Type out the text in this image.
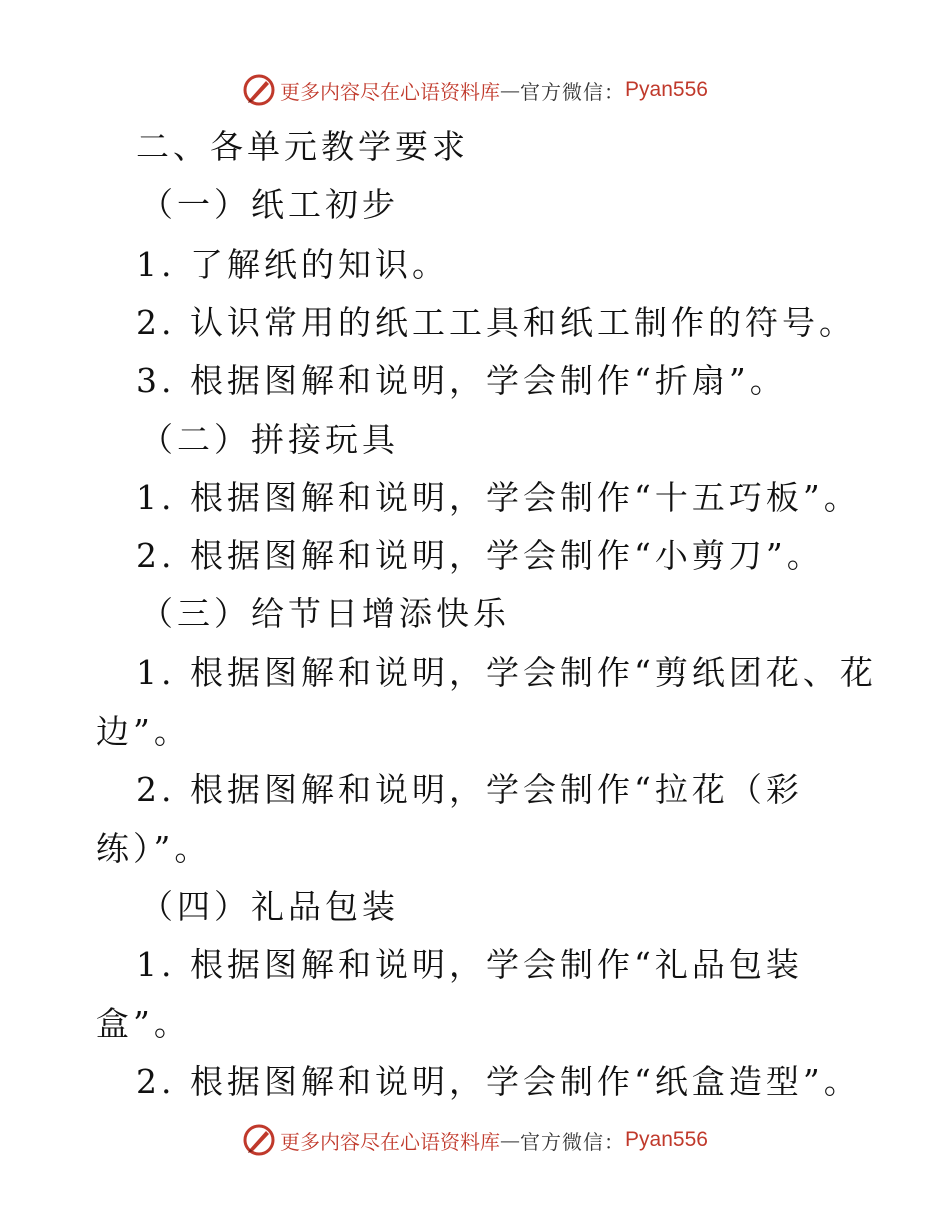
更多内容尽在心语资料库 — 官方微信： Pyan556
二、各单元教学要求
（一）纸工初步
1. 了解纸的知识。
2. 认识常用的纸工工具和纸工制作的符号。
3. 根据图解和说明，学会制作“折扇”。
（二）拼接玩具
1. 根据图解和说明，学会制作“十五巧板”。
2. 根据图解和说明，学会制作“小剪刀”。
（三）给节日增添快乐
1. 根据图解和说明，学会制作“剪纸团花、花
边”。
2. 根据图解和说明，学会制作“拉花（彩
练）”。
（四）礼品包装
1. 根据图解和说明，学会制作“礼品包装
盒”。
2. 根据图解和说明，学会制作“纸盒造型”。
更多内容尽在心语资料库 — 官方微信： Pyan556
